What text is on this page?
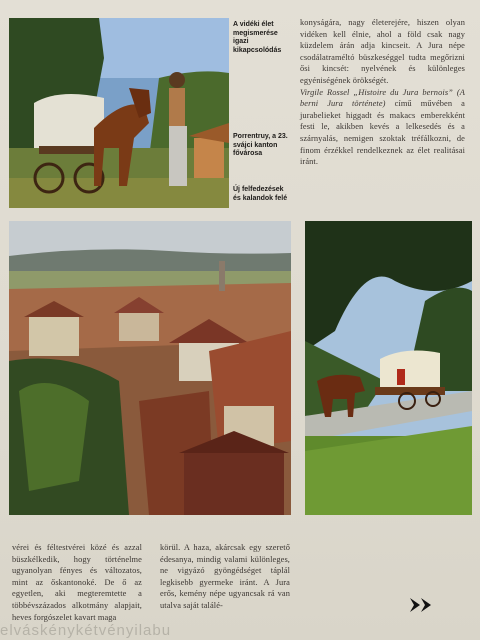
A vidéki élet megismerése igazi kikapcsolódás
Porrentruy, a 23. svájci kanton fővárosa
Új felfedezések és kalandok felé

konyságára, nagy életerejére, hiszen olyan vidéken kell élnie, ahol a föld csak nagy küzdelem árán adja kincseit. A Jura népe csodálatraméltó büszkeséggel tudta megőrizni ősi kincsét: nyelvének és különleges egyéniségének örökségét.

Virgile Rossel „Histoire du Jura bernois” (A berni Jura története) című művében a jurabelieket higgadt és makacs emberekként festi le, akikben kevés a lelkesedés és a szárnyalás, nemigen szoktak tréfálkozni, de finom érzékkel rendelkeznek az élet realitásai iránt.

vérei és féltestvérei közé és azzal büszkélkedik, hogy történelme ugyanolyan fényes és változatos, mint az őskantonoké. De ő az egyetlen, aki megteremtette a többévszázados alkotmány alapjait, heves forgószelet kavart maga
körül. A haza, akárcsak egy szerető édesanya, mindig valami különleges, ne vigyázó gyöngédséget táplál legkisebb gyermeke iránt. A Jura erős, kemény népe ugyancsak rá van utalva saját találé-
elváskénykétvényilabu
